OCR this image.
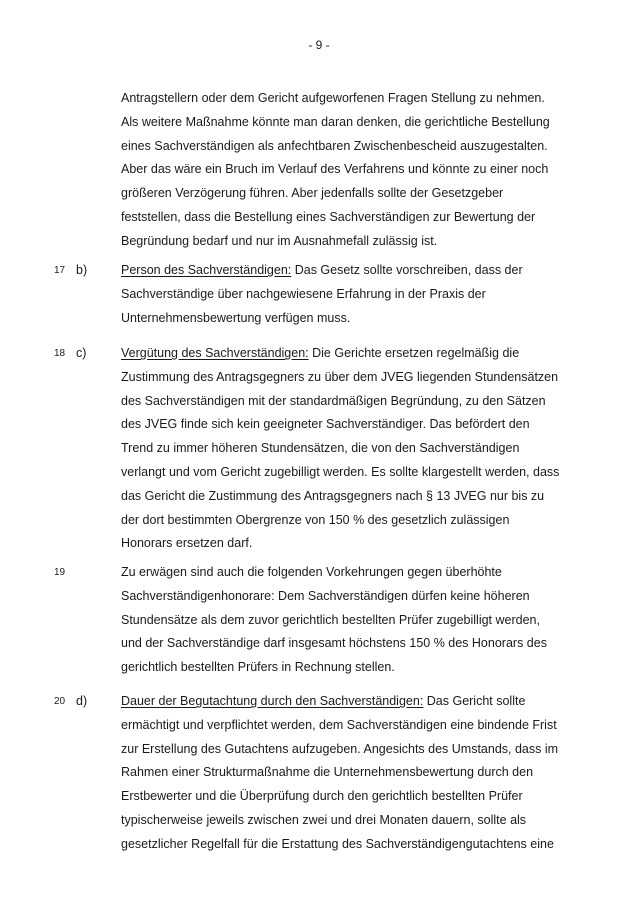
- 9 -
Antragstellern oder dem Gericht aufgeworfenen Fragen Stellung zu nehmen.
Als weitere Maßnahme könnte man daran denken, die gerichtliche Bestellung
eines Sachverständigen als anfechtbaren Zwischenbescheid auszugestalten.
Aber das wäre ein Bruch im Verlauf des Verfahrens und könnte zu einer noch
größeren Verzögerung führen. Aber jedenfalls sollte der Gesetzgeber
feststellen, dass die Bestellung eines Sachverständigen zur Bewertung der
Begründung bedarf und nur im Ausnahmefall zulässig ist.
17 b)	Person des Sachverständigen: Das Gesetz sollte vorschreiben, dass der
Sachverständige über nachgewiesene Erfahrung in der Praxis der
Unternehmensbewertung verfügen muss.
18 c)	Vergütung des Sachverständigen: Die Gerichte ersetzen regelmäßig die
Zustimmung des Antragsgegners zu über dem JVEG liegenden Stundensätzen
des Sachverständigen mit der standardmäßigen Begründung, zu den Sätzen
des JVEG finde sich kein geeigneter Sachverständiger. Das befördert den
Trend zu immer höheren Stundensätzen, die von den Sachverständigen
verlangt und vom Gericht zugebilligt werden. Es sollte klargestellt werden, dass
das Gericht die Zustimmung des Antragsgegners nach § 13 JVEG nur bis zu
der dort bestimmten Obergrenze von 150 % des gesetzlich zulässigen
Honorars ersetzen darf.
19	Zu erwägen sind auch die folgenden Vorkehrungen gegen überhöhte
Sachverständigenhonorare: Dem Sachverständigen dürfen keine höheren
Stundensätze als dem zuvor gerichtlich bestellten Prüfer zugebilligt werden,
und der Sachverständige darf insgesamt höchstens 150 % des Honorars des
gerichtlich bestellten Prüfers in Rechnung stellen.
20 d)	Dauer der Begutachtung durch den Sachverständigen: Das Gericht sollte
ermächtigt und verpflichtet werden, dem Sachverständigen eine bindende Frist
zur Erstellung des Gutachtens aufzugeben. Angesichts des Umstands, dass im
Rahmen einer Strukturmaßnahme die Unternehmensbewertung durch den
Erstbewerter und die Überprüfung durch den gerichtlich bestellten Prüfer
typischerweise jeweils zwischen zwei und drei Monaten dauern, sollte als
gesetzlicher Regelfall für die Erstattung des Sachverständigengutachtens eine
